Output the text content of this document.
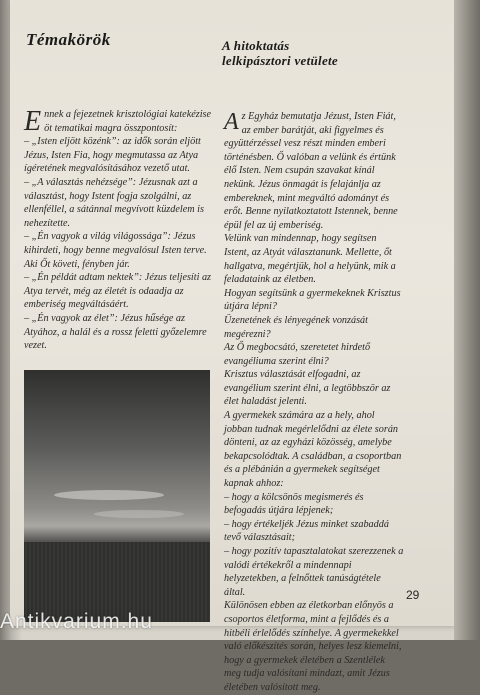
Témakörök	A hitoktatás
lelkipásztori vetülete

Ennek a fejezetnek krisztológiai katekézise öt tematikai magra összpontosít:

– „Isten eljött közénk”: az idők során eljött Jézus, Isten Fia, hogy megmutassa az Atya ígéretének megvalósításához vezető utat.

– „A választás nehézsége”: Jézusnak azt a választást, hogy Istent fogja szolgálni, az ellenféllel, a sátánnal megvívott küzdelem is nehezítette.

– „Én vagyok a világ világossága”: Jézus kihirdeti, hogy benne megvalósul Isten terve. Aki Őt követi, fényben jár.

– „Én példát adtam nektek”: Jézus teljesíti az Atya tervét, még az életét is odaadja az emberiség megváltásáért.

– „Én vagyok az élet”: Jézus hűsége az Atyához, a halál és a rossz feletti győzelemre vezet.

Az Egyház bemutatja Jézust, Isten Fiát, az ember barátját, aki figyelmes és együttérzéssel vesz részt minden emberi történésben. Ő valóban a velünk és értünk élő Isten. Nem csupán szavakat kínál nekünk. Jézus önmagát is felajánlja az embereknek, mint megváltó adományt és erőt. Benne nyilatkoztatott Istennek, benne épül fel az új emberiség.

Velünk van mindennap, hogy segítsen Istent, az Atyát választanunk. Mellette, őt hallgatva, megértjük, hol a helyünk, mik a feladataink az életben.

Hogyan segítsünk a gyermekeknek Krisztus útjára lépni?

Üzenetének és lényegének vonzását megérezni?

Az Ő megbocsátó, szeretetet hirdető evangéliuma szerint élni?

Krisztus választását elfogadni, az evangélium szerint élni, a legtöbbször az élet haladást jelenti.

A gyermekek számára az a hely, ahol jobban tudnak megérlelődni az élete során dönteni, az az egyházi közösség, amelybe bekapcsolódtak. A családban, a csoportban és a plébánián a gyermekek segítséget kapnak ahhoz:

– hogy a kölcsönös megismerés és befogadás útjára lépjenek;

– hogy értékeljék Jézus minket szabaddá tevő választásait;

– hogy pozitív tapasztalatokat szerezzenek a valódi értékekről a mindennapi helyzetekben, a felnőttek tanúságtétele által.

Különösen ebben az életkorban előnyös a csoportos életforma, mint a fejlődés és a hitbéli érlelődés színhelye. A gyermekekkel való előkészítés során, helyes lesz kiemelni, hogy a gyermekek életében a Szentlélek meg tudja valósítani mindazt, amit Jézus életében valósított meg.

29

Antikvarium.hu
